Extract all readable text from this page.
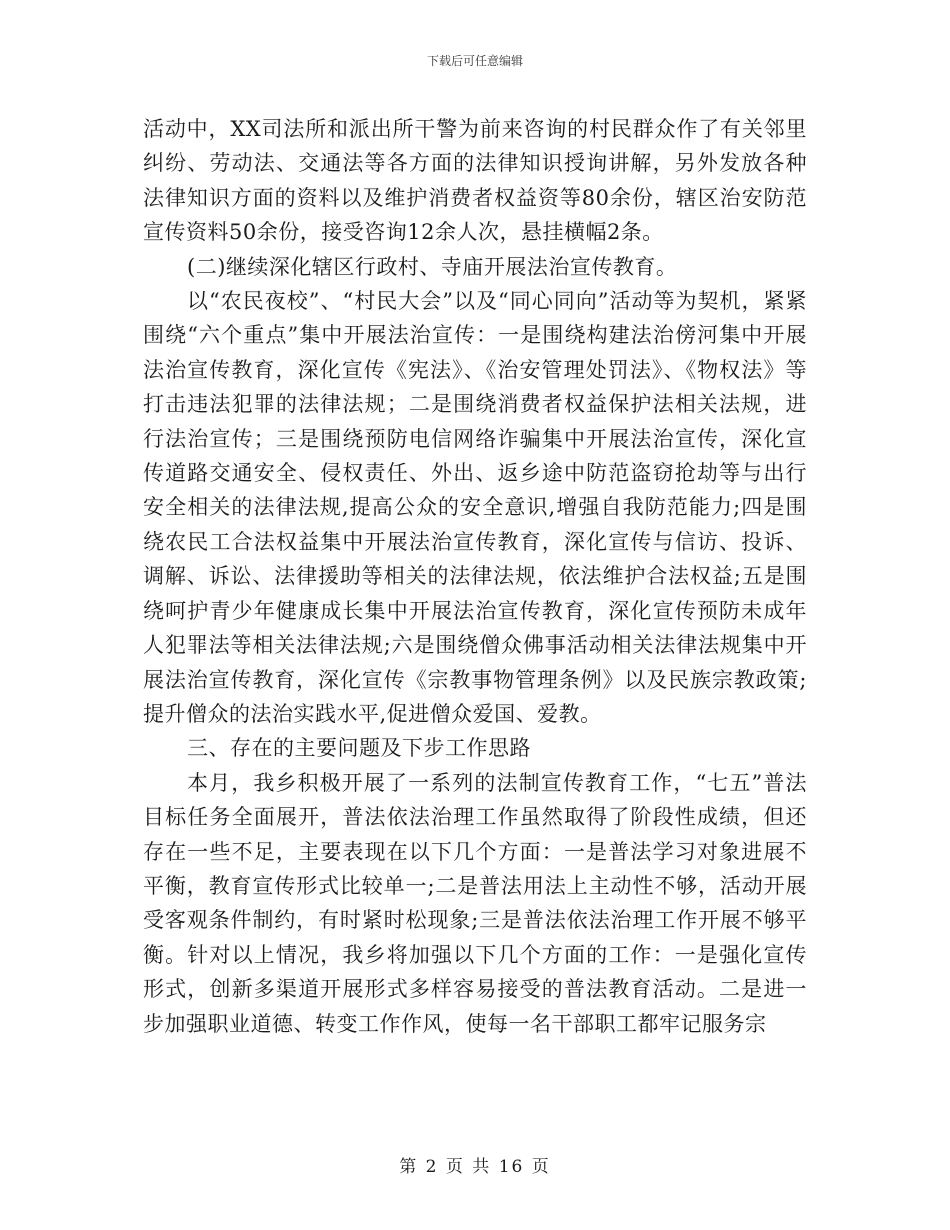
下载后可任意编辑

活动中，XX司法所和派出所干警为前来咨询的村民群众作了有关邻里纠纷、劳动法、交通法等各方面的法律知识授询讲解，另外发放各种法律知识方面的资料以及维护消费者权益资等80余份，辖区治安防范宣传资料50余份，接受咨询12余人次，悬挂横幅2条。

(二)继续深化辖区行政村、寺庙开展法治宣传教育。

以“农民夜校”、“村民大会”以及“同心同向”活动等为契机，紧紧围绕“六个重点”集中开展法治宣传：一是围绕构建法治傍河集中开展法治宣传教育，深化宣传《宪法》、《治安管理处罚法》、《物权法》等打击违法犯罪的法律法规；二是围绕消费者权益保护法相关法规，进行法治宣传；三是围绕预防电信网络诈骗集中开展法治宣传，深化宣传道路交通安全、侵权责任、外出、返乡途中防范盗窃抢劫等与出行安全相关的法律法规,提高公众的安全意识,增强自我防范能力;四是围绕农民工合法权益集中开展法治宣传教育，深化宣传与信访、投诉、调解、诉讼、法律援助等相关的法律法规，依法维护合法权益;五是围绕呵护青少年健康成长集中开展法治宣传教育，深化宣传预防未成年人犯罪法等相关法律法规;六是围绕僧众佛事活动相关法律法规集中开展法治宣传教育，深化宣传《宗教事物管理条例》以及民族宗教政策;提升僧众的法治实践水平,促进僧众爱国、爱教。

三、存在的主要问题及下步工作思路

本月，我乡积极开展了一系列的法制宣传教育工作，“七五”普法目标任务全面展开，普法依法治理工作虽然取得了阶段性成绩，但还存在一些不足，主要表现在以下几个方面：一是普法学习对象进展不平衡，教育宣传形式比较单一;二是普法用法上主动性不够，活动开展受客观条件制约，有时紧时松现象;三是普法依法治理工作开展不够平衡。针对以上情况，我乡将加强以下几个方面的工作：一是强化宣传形式，创新多渠道开展形式多样容易接受的普法教育活动。二是进一步加强职业道德、转变工作作风，使每一名干部职工都牢记服务宗

第 2 页 共 16 页
